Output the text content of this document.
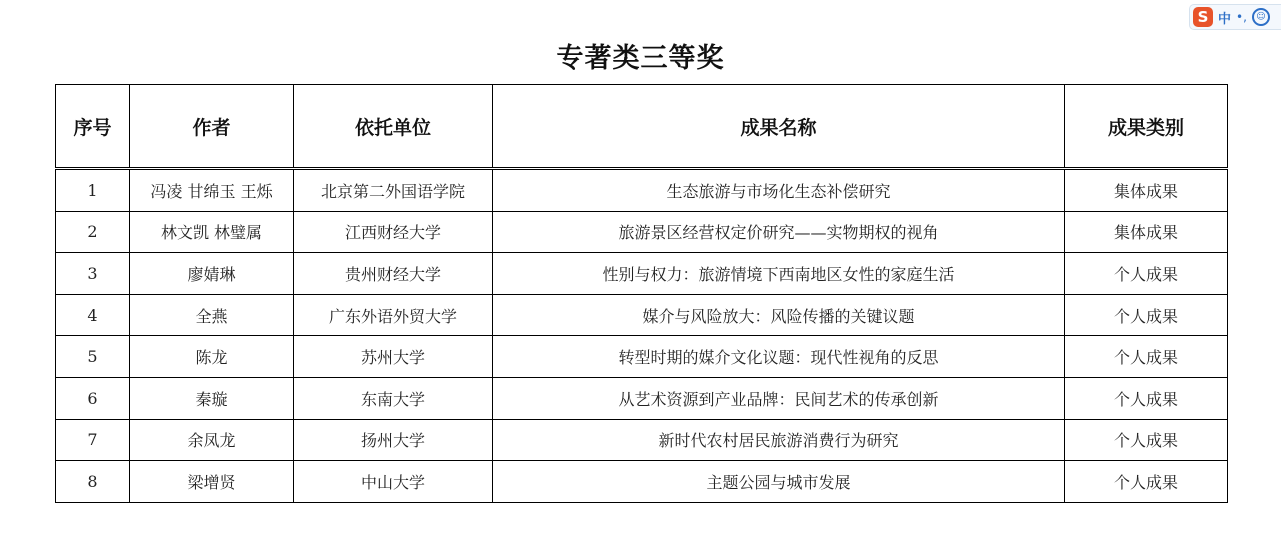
S 中 •,	☺
专著类三等奖
序号	作者	依托单位	成果名称	成果类别
1	冯凌 甘绵玉 王烁	北京第二外国语学院	生态旅游与市场化生态补偿研究	集体成果
2	林文凯 林璧属	江西财经大学	旅游景区经营权定价研究——实物期权的视角	集体成果
3	廖婧琳	贵州财经大学	性别与权力：旅游情境下西南地区女性的家庭生活	个人成果
4	全燕	广东外语外贸大学	媒介与风险放大：风险传播的关键议题	个人成果
5	陈龙	苏州大学	转型时期的媒介文化议题：现代性视角的反思	个人成果
6	秦璇	东南大学	从艺术资源到产业品牌：民间艺术的传承创新	个人成果
7	余凤龙	扬州大学	新时代农村居民旅游消费行为研究	个人成果
8	梁增贤	中山大学	主题公园与城市发展	个人成果
